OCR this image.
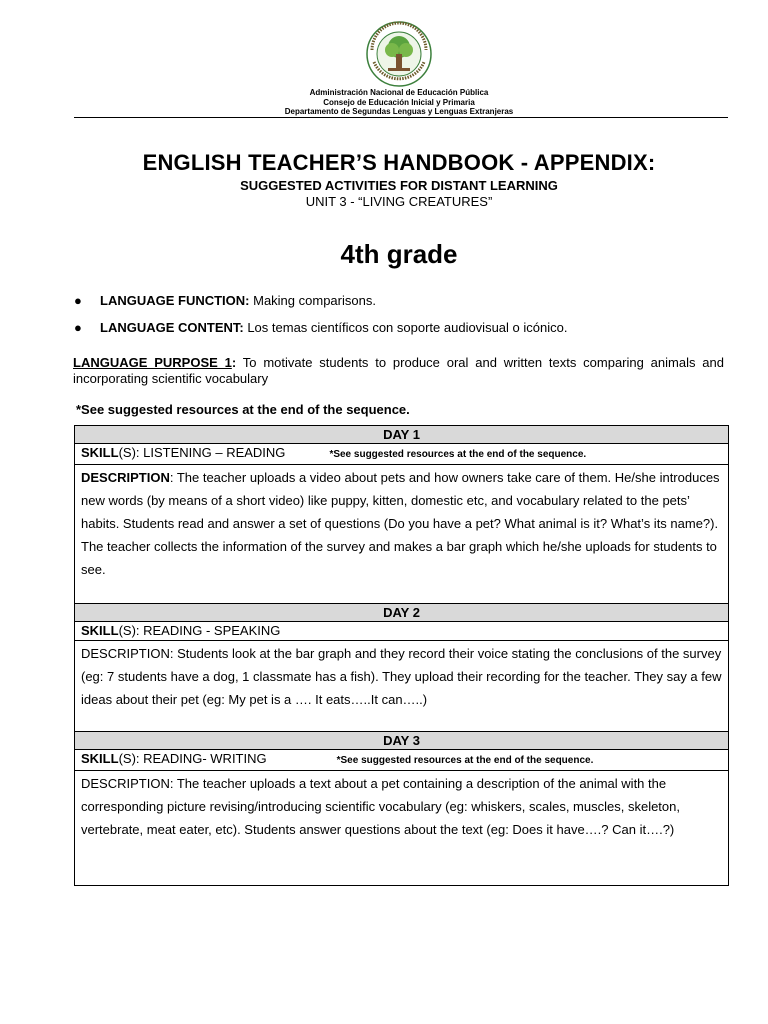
Administración Nacional de Educación Pública
Consejo de Educación Inicial y Primaria
Departamento de Segundas Lenguas y Lenguas Extranjeras
ENGLISH TEACHER’S HANDBOOK - APPENDIX:
SUGGESTED ACTIVITIES FOR DISTANT LEARNING
UNIT 3 - “LIVING CREATURES”
4th grade
● LANGUAGE FUNCTION: Making comparisons.
● LANGUAGE CONTENT: Los temas científicos con soporte audiovisual o icónico.
LANGUAGE PURPOSE 1: To motivate students to produce oral and written texts comparing animals and incorporating scientific vocabulary
*See suggested resources at the end of the sequence.
DAY 1
SKILL(S): LISTENING – READING	*See suggested resources at the end of the sequence.
DESCRIPTION: The teacher uploads a video about pets and how owners take care of them. He/she introduces new words (by means of a short video) like puppy, kitten, domestic etc, and vocabulary related to the pets’ habits. Students read and answer a set of questions (Do you have a pet? What animal is it? What’s its name?). The teacher collects the information of the survey and makes a bar graph which he/she uploads for students to see.
DAY 2
SKILL(S): READING - SPEAKING
DESCRIPTION: Students look at the bar graph and they record their voice stating the conclusions of the survey (eg: 7 students have a dog, 1 classmate has a fish). They upload their recording for the teacher. They say a few ideas about their pet (eg: My pet is a …. It eats…..It can…..)
DAY 3
SKILL(S): READING- WRITING	*See suggested resources at the end of the sequence.
DESCRIPTION: The teacher uploads a text about a pet containing a description of the animal with the corresponding picture revising/introducing scientific vocabulary (eg: whiskers, scales, muscles, skeleton, vertebrate, meat eater, etc). Students answer questions about the text (eg: Does it have….? Can it….?)
